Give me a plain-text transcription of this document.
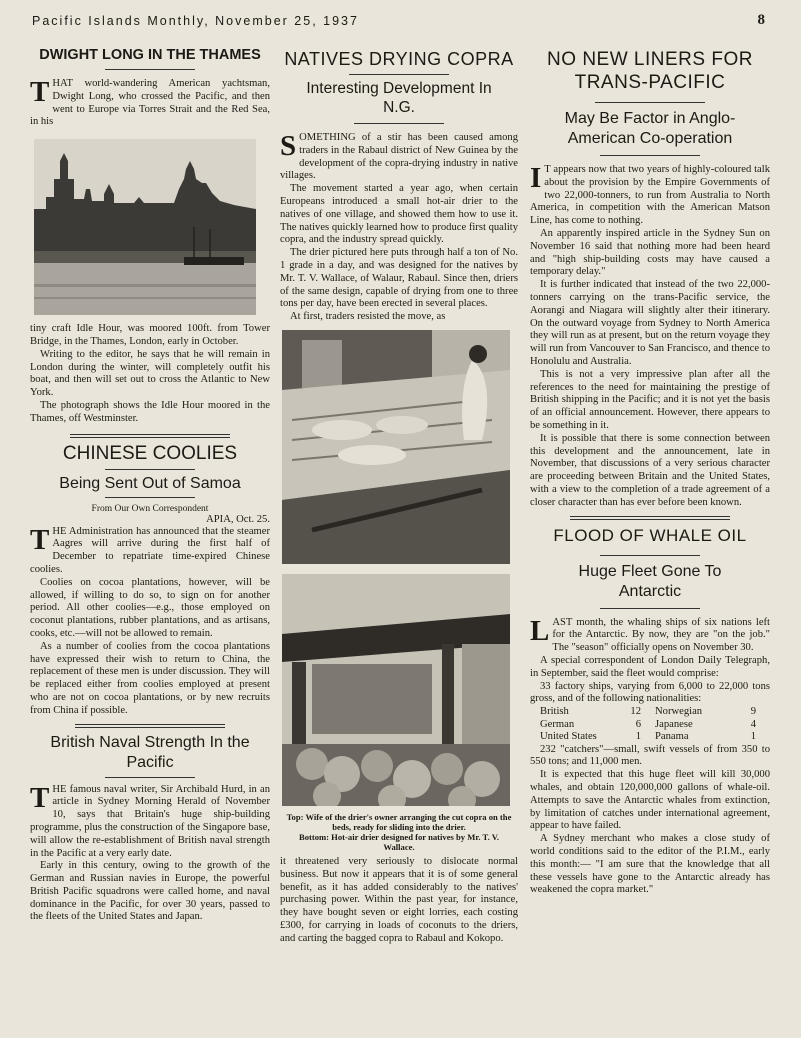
Pacific Islands Monthly, November 25, 1937	8
DWIGHT LONG IN THE THAMES

THAT world-wandering American yachtsman, Dwight Long, who crossed the Pacific, and then went to Europe via Torres Strait and the Red Sea, in his

tiny craft Idle Hour, was moored 100ft. from Tower Bridge, in the Thames, London, early in October.

Writing to the editor, he says that he will remain in London during the winter, will completely outfit his boat, and then will set out to cross the Atlantic to New York.

The photograph shows the Idle Hour moored in the Thames, off Westminster.

CHINESE COOLIES
Being Sent Out of Samoa
From Our Own Correspondent
APIA, Oct. 25.

THE Administration has announced that the steamer Aagres will arrive during the first half of December to repatriate time-expired Chinese coolies.

Coolies on cocoa plantations, however, will be allowed, if willing to do so, to sign on for another period. All other coolies—e.g., those employed on coconut plantations, rubber plantations, and as artisans, cooks, etc.—will not be allowed to remain.

As a number of coolies from the cocoa plantations have expressed their wish to return to China, the replacement of these men is under discussion. They will be replaced either from coolies employed at present who are not on cocoa plantations, or by new recruits from China if possible.

British Naval Strength In the Pacific

THE famous naval writer, Sir Archibald Hurd, in an article in Sydney Morning Herald of November 10, says that Britain's huge ship-building programme, plus the construction of the Singapore base, will allow the re-establishment of British naval strength in the Pacific at a very early date.

Early in this century, owing to the growth of the German and Russian navies in Europe, the powerful British Pacific squadrons were called home, and naval dominance in the Pacific, for over 30 years, passed to the fleets of the United States and Japan.

NATIVES DRYING COPRA
Interesting Development In N.G.

SOMETHING of a stir has been caused among traders in the Rabaul district of New Guinea by the development of the copra-drying industry in native villages.

The movement started a year ago, when certain Europeans introduced a small hot-air drier to the natives of one village, and showed them how to use it. The natives quickly learned how to produce first quality copra, and the industry spread quickly.

The drier pictured here puts through half a ton of No. 1 grade in a day, and was designed for the natives by Mr. T. V. Wallace, of Walaur, Rabaul. Since then, driers of the same design, capable of drying from one to three tons per day, have been erected in several places.

At first, traders resisted the move, as

Top: Wife of the drier's owner arranging the cut copra on the beds, ready for sliding into the drier.
Bottom: Hot-air drier designed for natives by Mr. T. V. Wallace.

it threatened very seriously to dislocate normal business. But now it appears that it is of some general benefit, as it has added considerably to the natives' purchasing power. Within the past year, for instance, they have bought seven or eight lorries, each costing £300, for carrying in loads of coconuts to the driers, and carting the bagged copra to Rabaul and Kokopo.

NO NEW LINERS FOR TRANS-PACIFIC
May Be Factor in Anglo-American Co-operation

I T appears now that two years of highly-coloured talk about the provision by the Empire Governments of two 22,000-tonners, to run from Australia to North America, in competition with the American Matson Line, has come to nothing.

An apparently inspired article in the Sydney Sun on November 16 said that nothing more had been heard and "high ship-building costs may have caused a temporary delay."

It is further indicated that instead of the two 22,000-tonners carrying on the trans-Pacific service, the Aorangi and Niagara will slightly alter their itinerary. On the outward voyage from Sydney to North America they will run as at present, but on the return voyage they will run from Vancouver to San Francisco, and thence to Honolulu and Australia.

This is not a very impressive plan after all the references to the need for maintaining the prestige of British shipping in the Pacific; and it is not yet the basis of an official announcement. However, there appears to be something in it.

It is possible that there is some connection between this development and the announcement, late in November, that discussions of a very serious character are proceeding between Britain and the United States, with a view to the completion of a trade agreement of a closer character than has ever before been known.

FLOOD OF WHALE OIL
Huge Fleet Gone To Antarctic

LAST month, the whaling ships of six nations left for the Antarctic. By now, they are "on the job." The "season" officially opens on November 30.

A special correspondent of London Daily Telegraph, in September, said the fleet would comprise:

33 factory ships, varying from 6,000 to 22,000 tons gross, and of the following nationalities:

British	12 Norwegian	9
German	6 Japanese	4
United States	1 Panama	1

232 "catchers"—small, swift vessels of from 350 to 550 tons; and 11,000 men.

It is expected that this huge fleet will kill 30,000 whales, and obtain 120,000,000 gallons of whale-oil. Attempts to save the Antarctic whales from extinction, by limitation of catches under international agreement, appear to have failed.

A Sydney merchant who makes a close study of world conditions said to the editor of the P.I.M., early this month:— "I am sure that the knowledge that all these vessels have gone to the Antarctic already has weakened the copra market."
